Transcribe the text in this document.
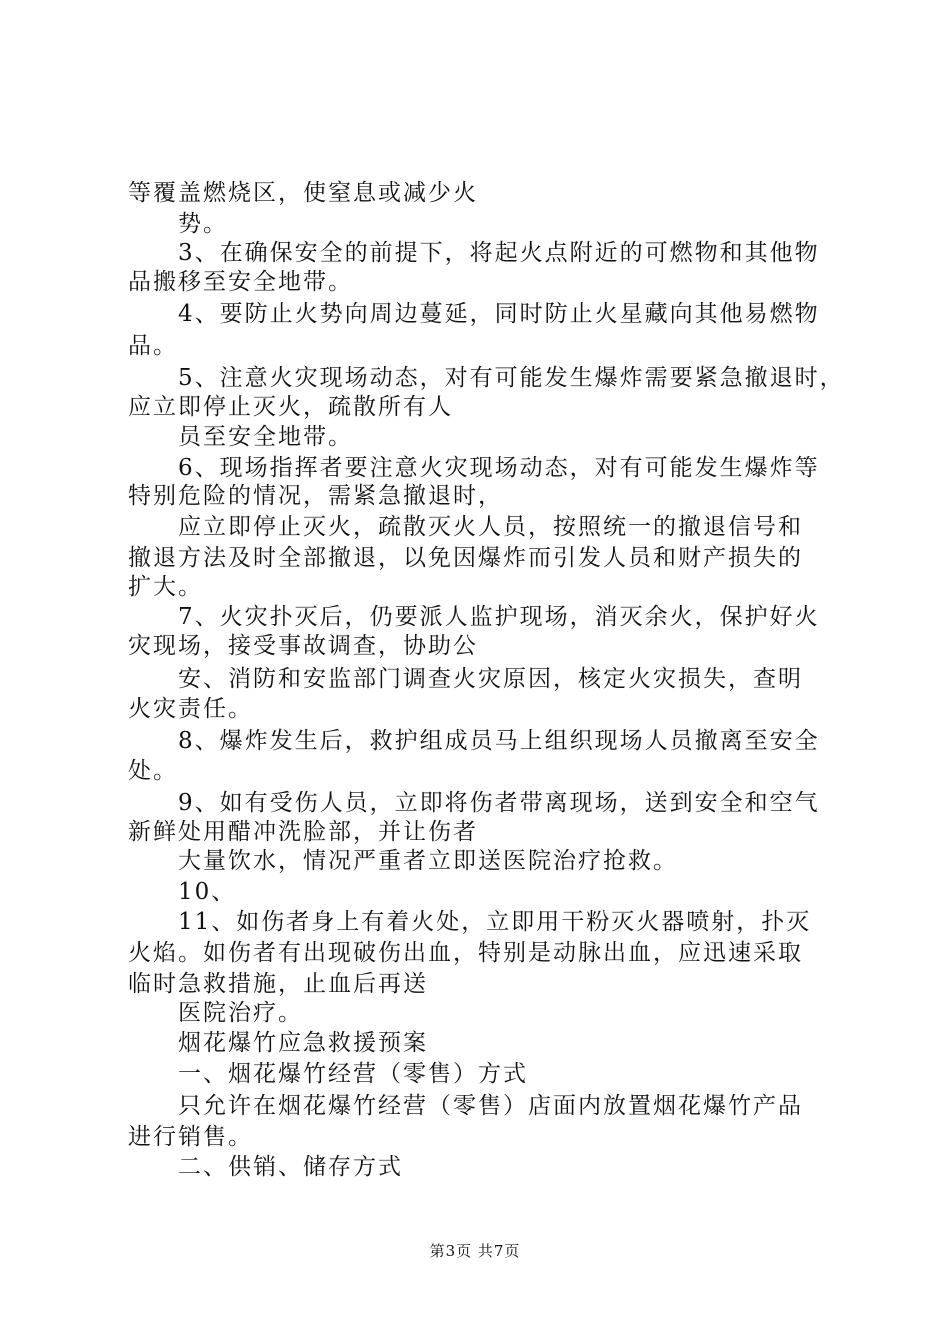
等覆盖燃烧区，使窒息或减少火
势。
3、在确保安全的前提下，将起火点附近的可燃物和其他物
品搬移至安全地带。
4、要防止火势向周边蔓延，同时防止火星藏向其他易燃物
品。
5、注意火灾现场动态，对有可能发生爆炸需要紧急撤退时，
应立即停止灭火，疏散所有人
员至安全地带。
6、现场指挥者要注意火灾现场动态，对有可能发生爆炸等
特别危险的情况，需紧急撤退时，
应立即停止灭火，疏散灭火人员，按照统一的撤退信号和
撤退方法及时全部撤退，以免因爆炸而引发人员和财产损失的
扩大。
7、火灾扑灭后，仍要派人监护现场，消灭余火，保护好火
灾现场，接受事故调查，协助公
安、消防和安监部门调查火灾原因，核定火灾损失，查明
火灾责任。
8、爆炸发生后，救护组成员马上组织现场人员撤离至安全
处。
9、如有受伤人员，立即将伤者带离现场，送到安全和空气
新鲜处用醋冲洗脸部，并让伤者
大量饮水，情况严重者立即送医院治疗抢救。
10、
11、如伤者身上有着火处，立即用干粉灭火器喷射，扑灭
火焰。如伤者有出现破伤出血，特别是动脉出血，应迅速采取
临时急救措施，止血后再送
医院治疗。
烟花爆竹应急救援预案
一、烟花爆竹经营（零售）方式
只允许在烟花爆竹经营（零售）店面内放置烟花爆竹产品
进行销售。
二、供销、储存方式
第3页 共7页
